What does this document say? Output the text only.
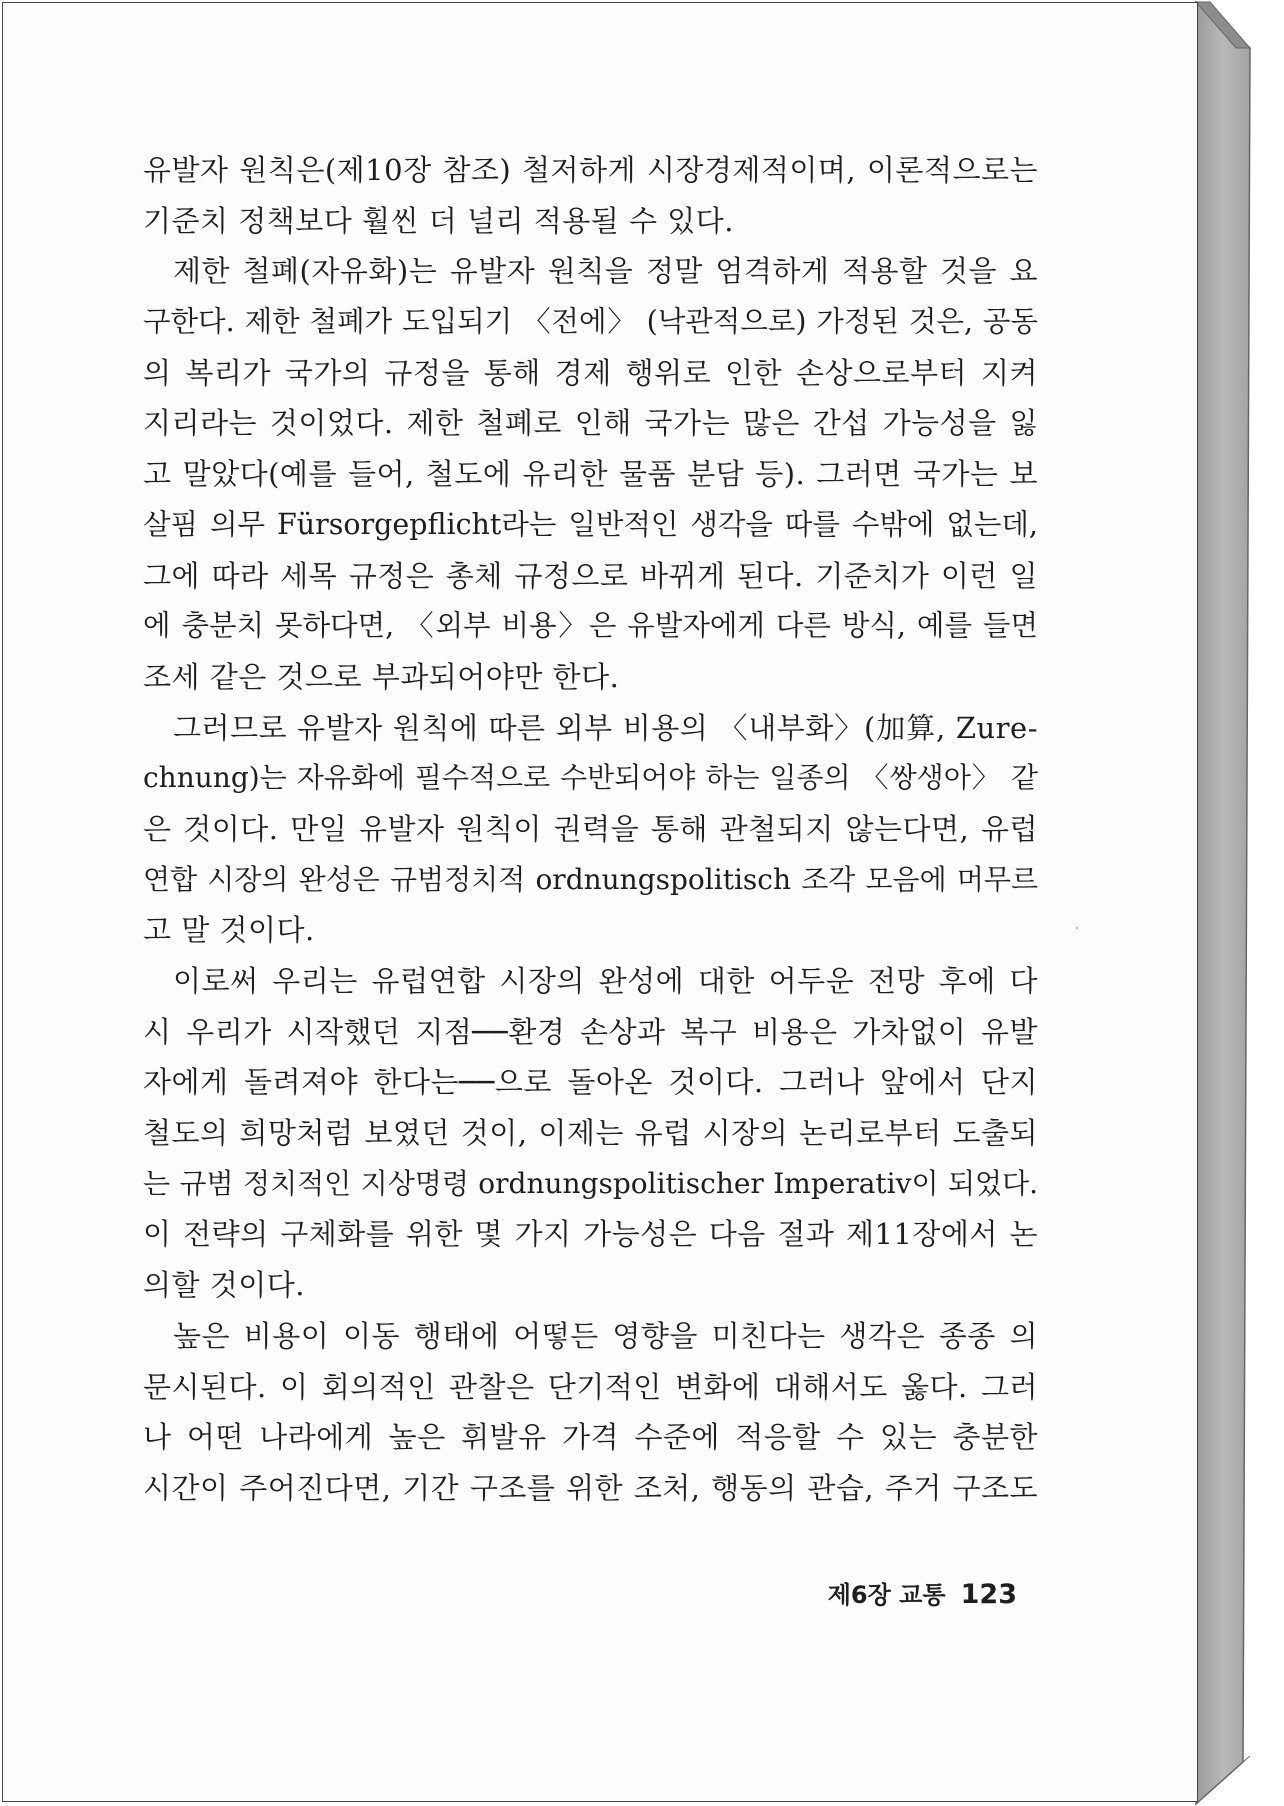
유발자 원칙은(제10장 참조) 철저하게 시장경제적이며, 이론적으로는
기준치 정책보다 훨씬 더 널리 적용될 수 있다.
제한 철폐(자유화)는 유발자 원칙을 정말 엄격하게 적용할 것을 요
구한다. 제한 철폐가 도입되기 〈전에〉 (낙관적으로) 가정된 것은, 공동
의 복리가 국가의 규정을 통해 경제 행위로 인한 손상으로부터 지켜
지리라는 것이었다. 제한 철폐로 인해 국가는 많은 간섭 가능성을 잃
고 말았다(예를 들어, 철도에 유리한 물품 분담 등). 그러면 국가는 보
살핌 의무 Fürsorgepflicht라는 일반적인 생각을 따를 수밖에 없는데,
그에 따라 세목 규정은 총체 규정으로 바뀌게 된다. 기준치가 이런 일
에 충분치 못하다면, 〈외부 비용〉은 유발자에게 다른 방식, 예를 들면
조세 같은 것으로 부과되어야만 한다.
그러므로 유발자 원칙에 따른 외부 비용의 〈내부화〉(加算, Zure-
chnung)는 자유화에 필수적으로 수반되어야 하는 일종의 〈쌍생아〉 같
은 것이다. 만일 유발자 원칙이 권력을 통해 관철되지 않는다면, 유럽
연합 시장의 완성은 규범정치적 ordnungspolitisch 조각 모음에 머무르
고 말 것이다.
이로써 우리는 유럽연합 시장의 완성에 대한 어두운 전망 후에 다
시 우리가 시작했던 지점──환경 손상과 복구 비용은 가차없이 유발
자에게 돌려져야 한다는──으로 돌아온 것이다. 그러나 앞에서 단지
철도의 희망처럼 보였던 것이, 이제는 유럽 시장의 논리로부터 도출되
는 규범 정치적인 지상명령 ordnungspolitischer Imperativ이 되었다.
이 전략의 구체화를 위한 몇 가지 가능성은 다음 절과 제11장에서 논
의할 것이다.
높은 비용이 이동 행태에 어떻든 영향을 미친다는 생각은 종종 의
문시된다. 이 회의적인 관찰은 단기적인 변화에 대해서도 옳다. 그러
나 어떤 나라에게 높은 휘발유 가격 수준에 적응할 수 있는 충분한
시간이 주어진다면, 기간 구조를 위한 조처, 행동의 관습, 주거 구조도
제6장 교통 123
